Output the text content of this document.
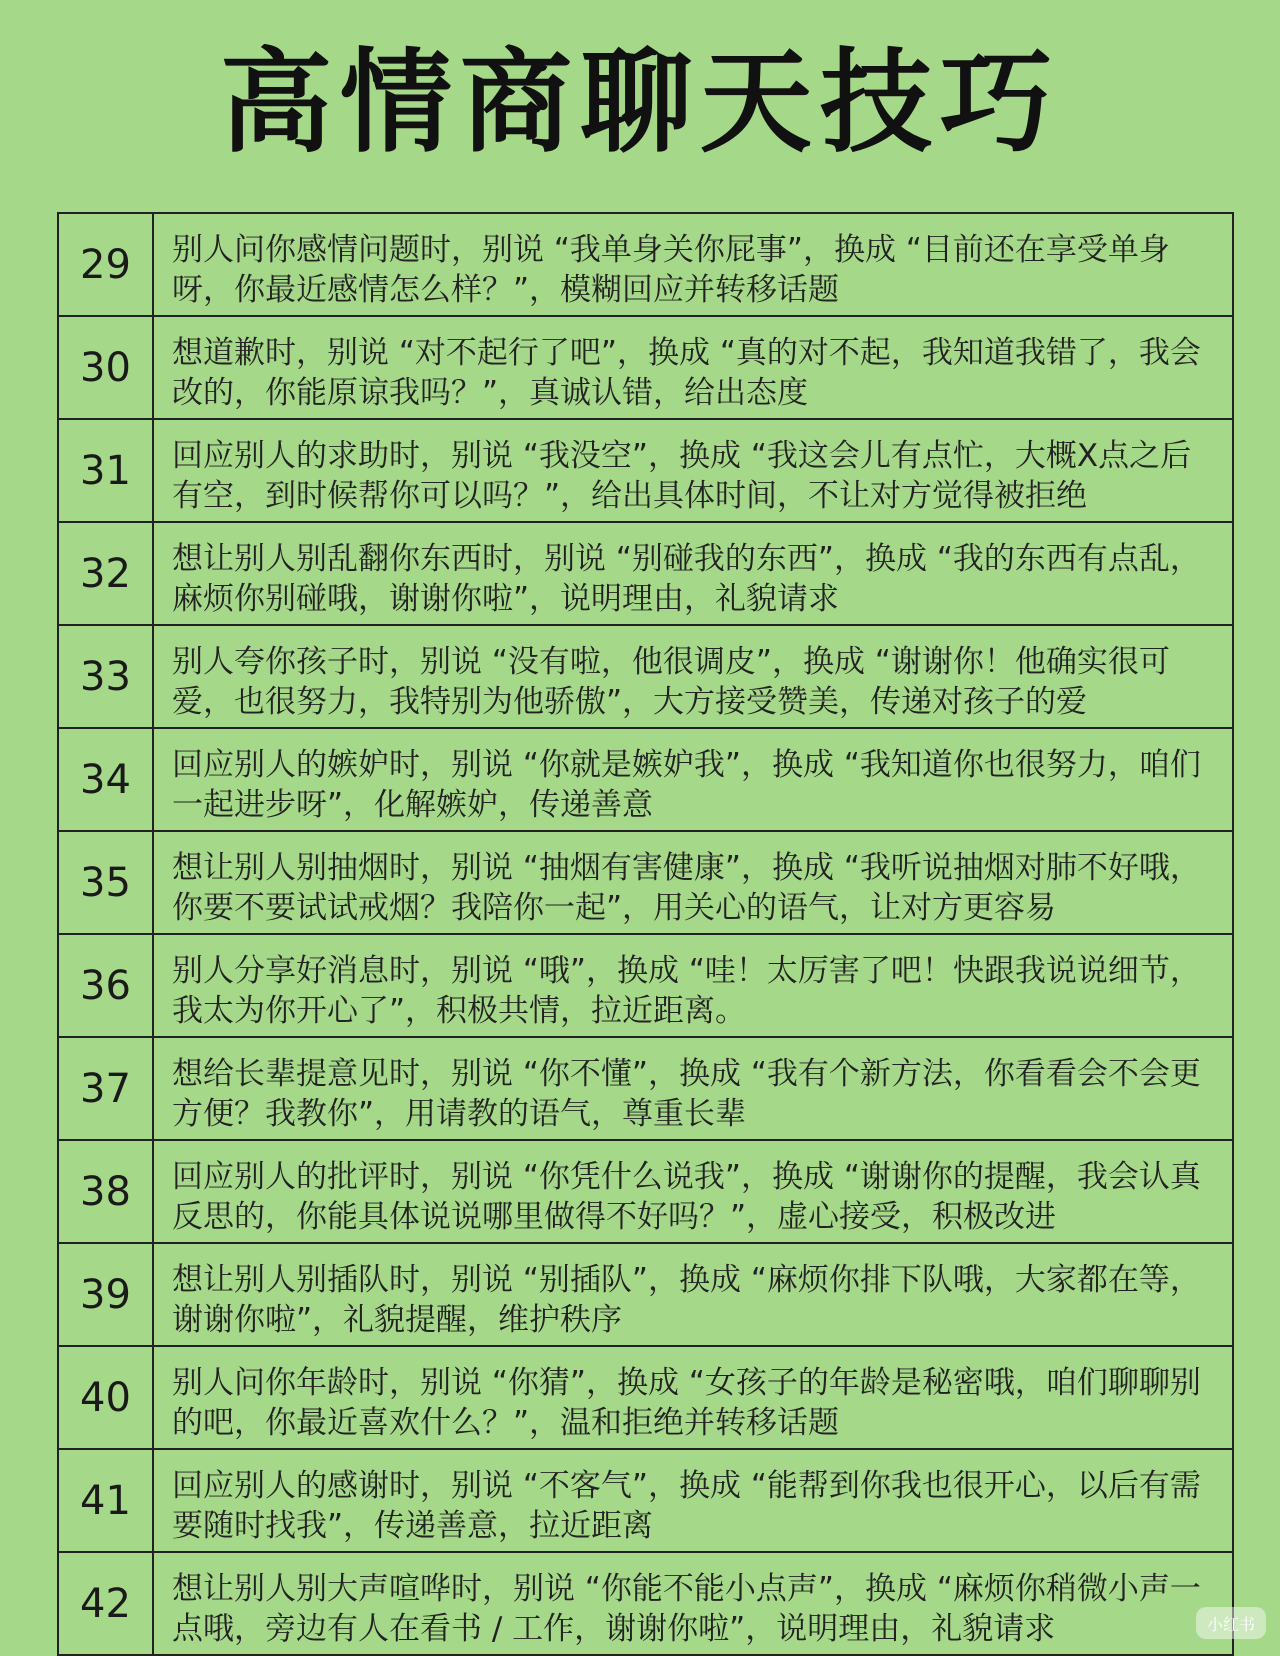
高情商聊天技巧
29	别人问你感情问题时，别说 “我单身关你屁事”，换成 “目前还在享受单身呀，你最近感情怎么样？”，模糊回应并转移话题
30	想道歉时，别说 “对不起行了吧”，换成 “真的对不起，我知道我错了，我会改的，你能原谅我吗？”，真诚认错，给出态度
31	回应别人的求助时，别说 “我没空”，换成 “我这会儿有点忙，大概X点之后有空，到时候帮你可以吗？”，给出具体时间，不让对方觉得被拒绝
32	想让别人别乱翻你东西时，别说 “别碰我的东西”，换成 “我的东西有点乱，麻烦你别碰哦，谢谢你啦”，说明理由，礼貌请求
33	别人夸你孩子时，别说 “没有啦，他很调皮”，换成 “谢谢你！他确实很可爱，也很努力，我特别为他骄傲”，大方接受赞美，传递对孩子的爱
34	回应别人的嫉妒时，别说 “你就是嫉妒我”，换成 “我知道你也很努力，咱们一起进步呀”，化解嫉妒，传递善意
35	想让别人别抽烟时，别说 “抽烟有害健康”，换成 “我听说抽烟对肺不好哦，你要不要试试戒烟？我陪你一起”，用关心的语气，让对方更容易
36	别人分享好消息时，别说 “哦”，换成 “哇！太厉害了吧！快跟我说说细节，我太为你开心了”，积极共情，拉近距离。
37	想给长辈提意见时，别说 “你不懂”，换成 “我有个新方法，你看看会不会更方便？我教你”，用请教的语气，尊重长辈
38	回应别人的批评时，别说 “你凭什么说我”，换成 “谢谢你的提醒，我会认真反思的，你能具体说说哪里做得不好吗？”，虚心接受，积极改进
39	想让别人别插队时，别说 “别插队”，换成 “麻烦你排下队哦，大家都在等，谢谢你啦”，礼貌提醒，维护秩序
40	别人问你年龄时，别说 “你猜”，换成 “女孩子的年龄是秘密哦，咱们聊聊别的吧，你最近喜欢什么？”，温和拒绝并转移话题
41	回应别人的感谢时，别说 “不客气”，换成 “能帮到你我也很开心，以后有需要随时找我”，传递善意，拉近距离
42	想让别人别大声喧哗时，别说 “你能不能小点声”，换成 “麻烦你稍微小声一点哦，旁边有人在看书 / 工作，谢谢你啦”，说明理由，礼貌请求	小红书
